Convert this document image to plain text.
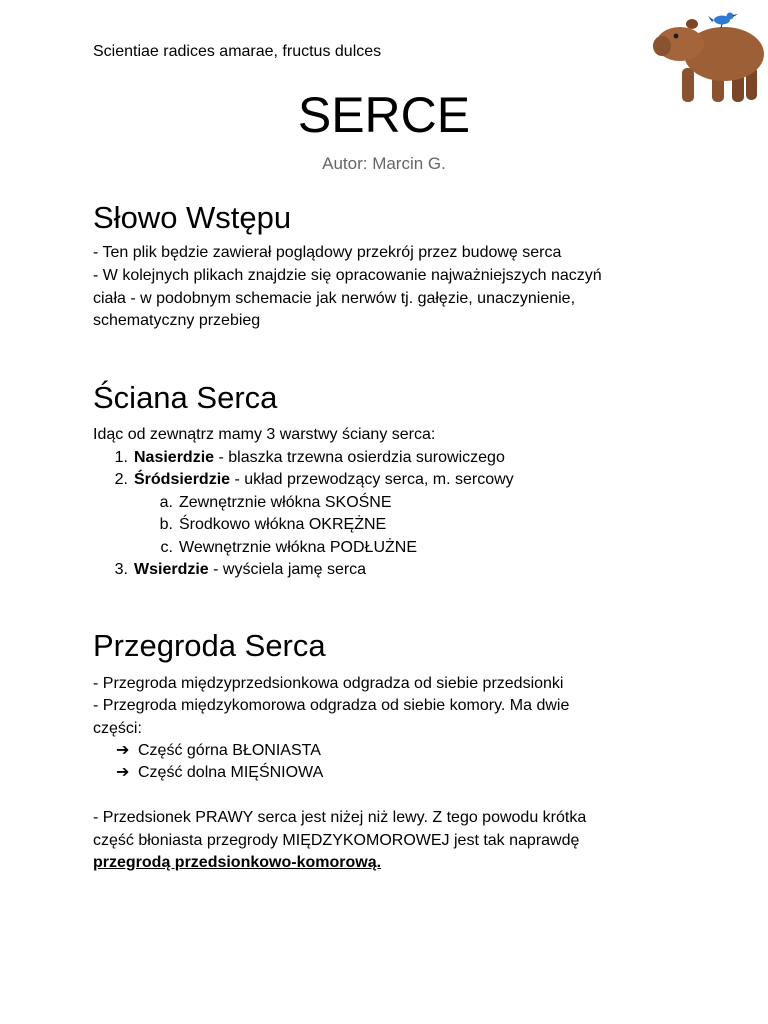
Scientiae radices amarae, fructus dulces
SERCE
Autor: Marcin G.
Słowo Wstępu

- Ten plik będzie zawierał poglądowy przekrój przez budowę serca

- W kolejnych plikach znajdzie się opracowanie najważniejszych naczyń

ciała - w podobnym schemacie jak nerwów tj. gałęzie, unaczynienie,

schematyczny przebieg

Ściana Serca

Idąc od zewnątrz mamy 3 warstwy ściany serca:

1. Nasierdzie - blaszka trzewna osierdzia surowiczego
2. Śródsierdzie - układ przewodzący serca, m. sercowy
a. Zewnętrznie włókna SKOŚNE
b. Środkowo włókna OKRĘŻNE
c. Wewnętrznie włókna PODŁUŻNE
3. Wsierdzie - wyściela jamę serca
Przegroda Serca

- Przegroda międzyprzedsionkowa odgradza od siebie przedsionki

- Przegroda międzykomorowa odgradza od siebie komory. Ma dwie

części:

➔ Część górna BŁONIASTA
➔ Część dolna MIĘŚNIOWA

- Przedsionek PRAWY serca jest niżej niż lewy. Z tego powodu krótka

część błoniasta przegrody MIĘDZYKOMOROWEJ jest tak naprawdę

przegrodą przedsionkowo-komorową.
